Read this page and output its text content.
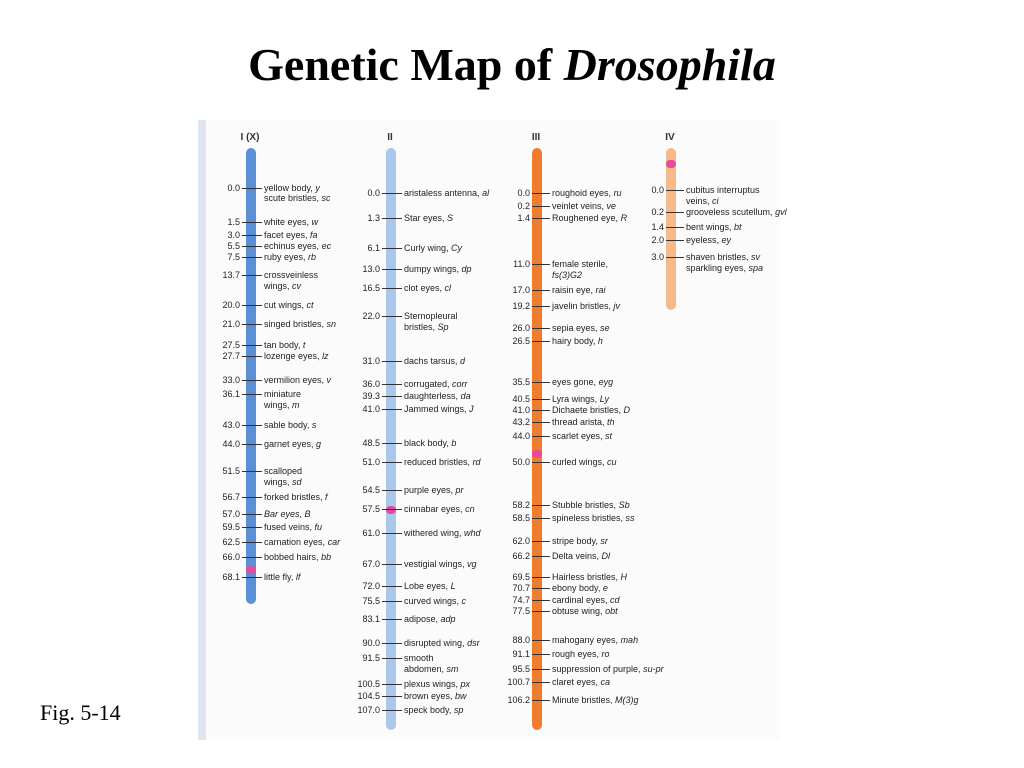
Genetic Map of Drosophila
I (X)
0.0	yellow body, y
scute bristles, sc
1.5	white eyes, w
3.0	facet eyes, fa
5.5	echinus eyes, ec
7.5	ruby eyes, rb
13.7	crossveinless
wings, cv
20.0	cut wings, ct
21.0	singed bristles, sn
27.5	tan body, t
27.7	lozenge eyes, lz
33.0	vermilion eyes, v
36.1	miniature
wings, m
43.0	sable body, s
44.0	garnet eyes, g
51.5	scalloped
wings, sd
56.7	forked bristles, f
57.0	Bar eyes, B
59.5	fused veins, fu
62.5	carnation eyes, car
66.0	bobbed hairs, bb
68.1	little fly, lf
II
0.0	aristaless antenna, al
1.3	Star eyes, S
6.1	Curly wing, Cy
13.0	dumpy wings, dp
16.5	clot eyes, cl
22.0	Sternopleural
bristles, Sp
31.0	dachs tarsus, d
36.0	corrugated, corr
39.3	daughterless, da
41.0	Jammed wings, J
48.5	black body, b
51.0	reduced bristles, rd
54.5	purple eyes, pr
57.5	cinnabar eyes, cn
61.0	withered wing, whd
67.0	vestigial wings, vg
72.0	Lobe eyes, L
75.5	curved wings, c
83.1	adipose, adp
90.0	disrupted wing, dsr
91.5	smooth
abdomen, sm
100.5	plexus wings, px
104.5	brown eyes, bw
107.0	speck body, sp
III
0.0 roughoid eyes, ru
0.2 veinlet veins, ve
1.4 Roughened eye, R
11.0 female sterile,
fs(3)G2
17.0 raisin eye, rai
19.2 javelin bristles, jv
26.0 sepia eyes, se
26.5 hairy body, h
35.5 eyes gone, eyg
40.5 Lyra wings, Ly
41.0 Dichaete bristles, D
43.2 thread arista, th
44.0 scarlet eyes, st
50.0 curled wings, cu
58.2 Stubble bristles, Sb
58.5 spineless bristles, ss
62.0 stripe body, sr
66.2 Delta veins, Dl
69.5 Hairless bristles, H
70.7 ebony body, e
74.7 cardinal eyes, cd
77.5 obtuse wing, obt
88.0 mahogany eyes, mah
91.1 rough eyes, ro
95.5 suppression of purple, su-pr
100.7 claret eyes, ca
106.2 Minute bristles, M(3)g
IV
0.0 cubitus interruptus
veins, ci
0.2 grooveless scutellum, gvl
1.4 bent wings, bt
2.0 eyeless, ey
3.0 shaven bristles, sv
sparkling eyes, spa
Fig. 5-14
